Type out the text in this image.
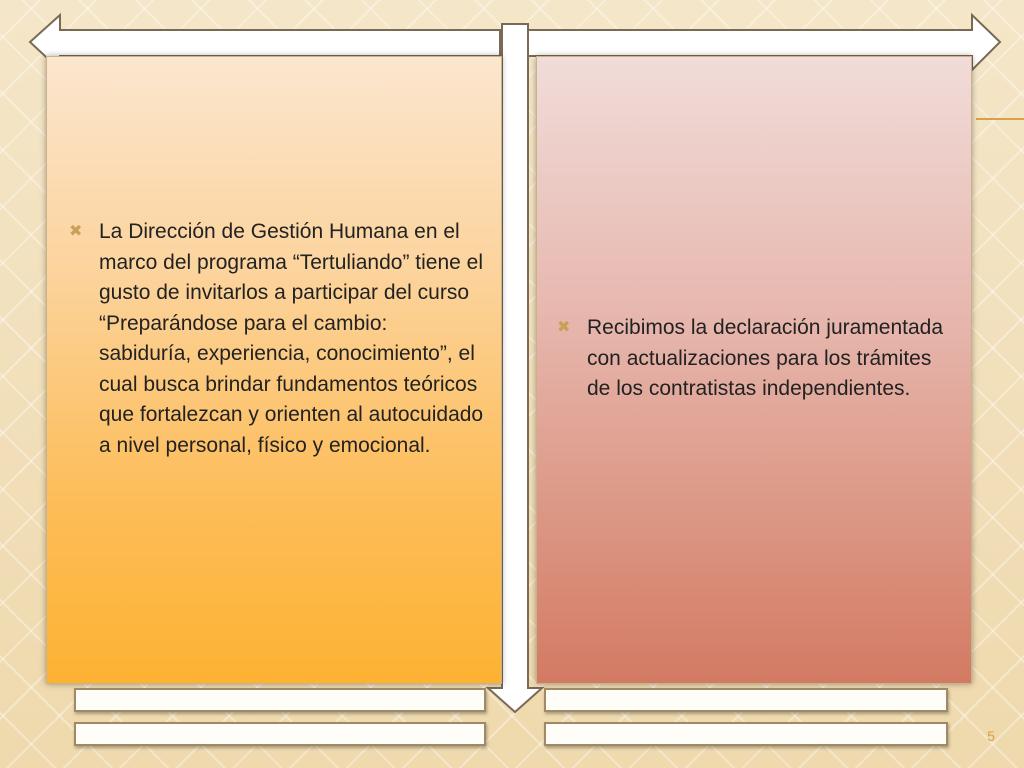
✖ La Dirección de Gestión Humana en el marco del programa “Tertuliando” tiene el gusto de invitarlos a participar del curso “Preparándose para el cambio: sabiduría, experiencia, conocimiento”, el cual busca brindar fundamentos teóricos que fortalezcan y orienten al autocuidado a nivel personal, físico y emocional.

✖ Recibimos la declaración juramentada con actualizaciones para los trámites de los contratistas independientes.

5
